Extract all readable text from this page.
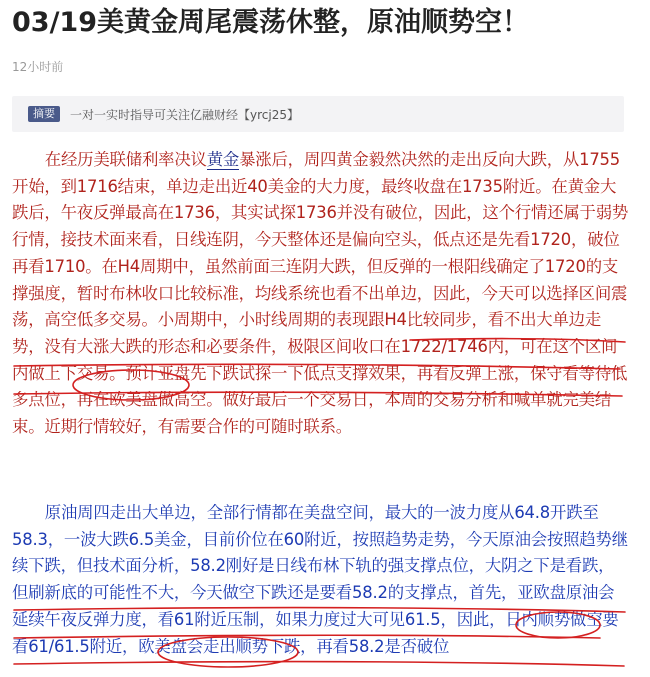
03/19美黄金周尾震荡休整，原油顺势空！
12小时前
摘要	一对一实时指导可关注亿融财经【yrcj25】
在经历美联储利率决议黄金暴涨后，周四黄金毅然决然的走出反向大跌，从1755开始，到1716结束，单边走出近40美金的大力度，最终收盘在1735附近。在黄金大跌后，午夜反弹最高在1736，其实试探1736并没有破位，因此，这个行情还属于弱势行情，接技术面来看，日线连阴，今天整体还是偏向空头，低点还是先看1720，破位再看1710。在H4周期中，虽然前面三连阴大跌，但反弹的一根阳线确定了1720的支撑强度，暂时布林收口比较标准，均线系统也看不出单边，因此，今天可以选择区间震荡，高空低多交易。小周期中，小时线周期的表现跟H4比较同步，看不出大单边走势，没有大涨大跌的形态和必要条件，极限区间收口在1722/1746内，可在这个区间内做上下交易。预计亚盘先下跌试探一下低点支撑效果，再看反弹上涨，保守看等待低多点位，再在欧美盘做高空。做好最后一个交易日，本周的交易分析和喊单就完美结束。近期行情较好，有需要合作的可随时联系。
原油周四走出大单边，全部行情都在美盘空间，最大的一波力度从64.8开跌至58.3，一波大跌6.5美金，目前价位在60附近，按照趋势走势，今天原油会按照趋势继续下跌，但技术面分析，58.2刚好是日线布林下轨的强支撑点位，大阴之下是看跌，但刷新底的可能性不大，今天做空下跌还是要看58.2的支撑点，首先，亚欧盘原油会延续午夜反弹力度，看61附近压制，如果力度过大可见61.5，因此，日内顺势做空要看61/61.5附近，欧美盘会走出顺势下跌，再看58.2是否破位
